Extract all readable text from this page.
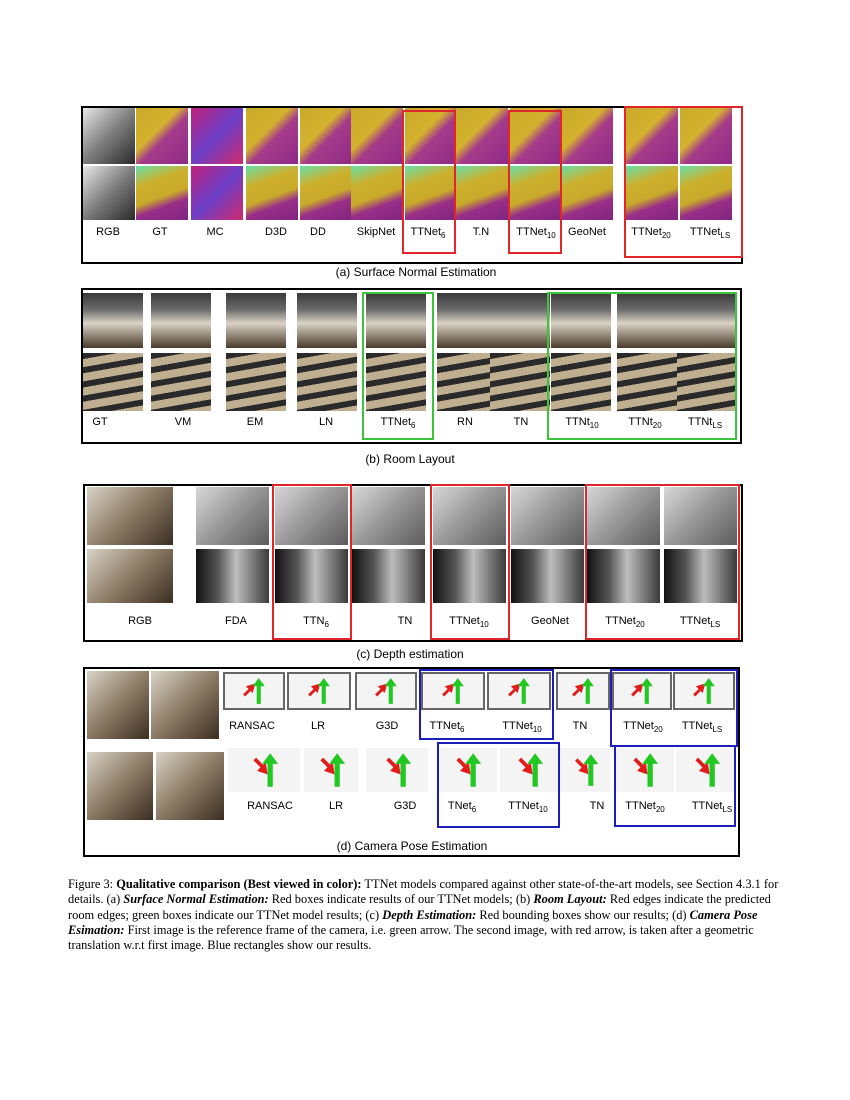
RGB	GT	MC	D3D DD	SkipNet TTNet$_6$ T.N TTNet$_{10}$ GeoNet TTNet$_{20}$ TTNet$_{LS}$
(a) Surface Normal Estimation
GT	VM	EM	LN	TTNet$_6$	RN	TN	TTNt$_{10}$	TTNt$_{20}$ TTNt$_{LS}$
(b) Room Layout
RGB	FDA	$TTN_6$	TN	TTNet$_{10}$	GeoNet	TTNet$_{20}$	TTNet$_{LS}$
(c) Depth estimation
RANSAC	LR	G3D	TTNet$_6$	TTNet$_{10}$	TN	TTNet$_{20}$ TTNet$_{LS}$
RANSAC	LR	G3D	TNet$_6$	TTNet$_{10}$	TN TTNet$_{20}$ TTNet$_{LS}$
(d) Camera Pose Estimation
Figure 3: Qualitative comparison (Best viewed in color): TTNet models compared against other state-of-the-art models, see Section 4.3.1 for details. (a) Surface Normal Estimation: Red boxes indicate results of our TTNet models; (b) Room Layout: Red edges indicate the predicted room edges; green boxes indicate our TTNet model results; (c) Depth Estimation: Red bounding boxes show our results; (d) Camera Pose Esimation: First image is the reference frame of the camera, i.e. green arrow. The second image, with red arrow, is taken after a geometric translation w.r.t first image. Blue rectangles show our results.
